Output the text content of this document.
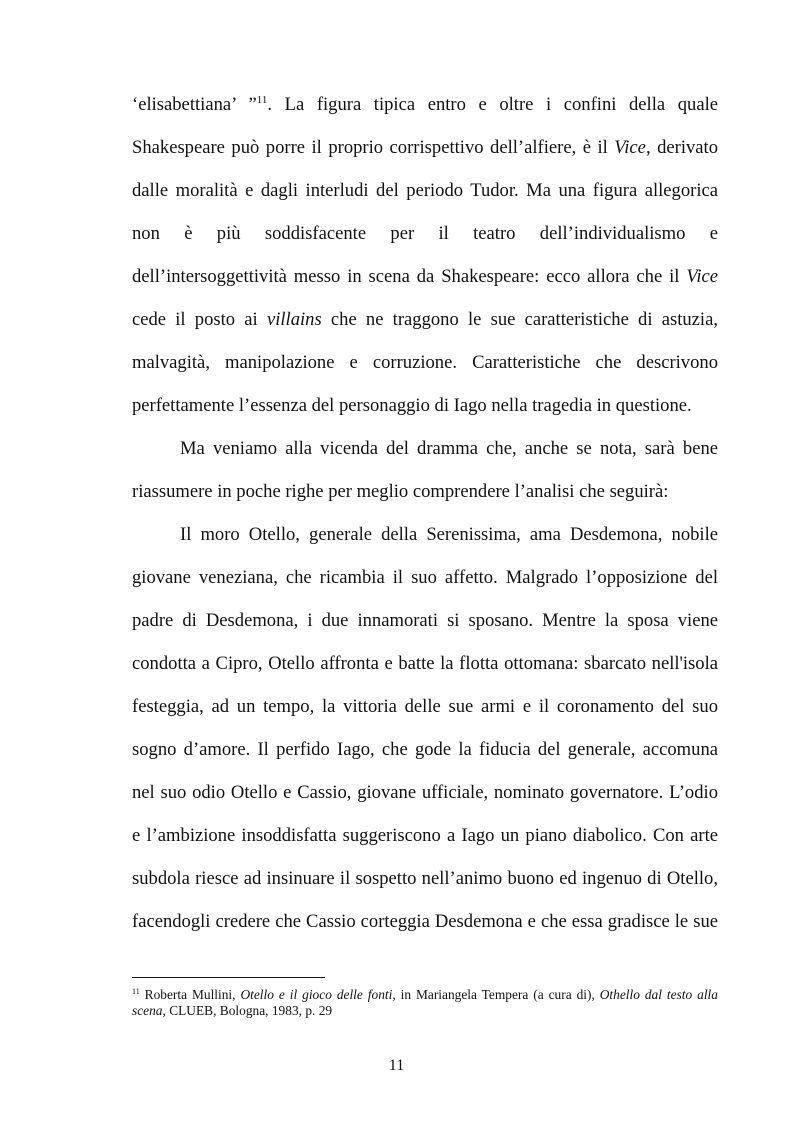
‘elisabettiana’ ”$^{11}$. La figura tipica entro e oltre i confini della quale
Shakespeare può porre il proprio corrispettivo dell’alfiere, è il Vice, derivato
dalle moralità e dagli interludi del periodo Tudor. Ma una figura allegorica
non è più soddisfacente per il teatro dell’individualismo e
dell’intersoggettività messo in scena da Shakespeare: ecco allora che il Vice
cede il posto ai villains che ne traggono le sue caratteristiche di astuzia,
malvagità, manipolazione e corruzione. Caratteristiche che descrivono
perfettamente l’essenza del personaggio di Iago nella tragedia in questione.
Ma veniamo alla vicenda del dramma che, anche se nota, sarà bene
riassumere in poche righe per meglio comprendere l’analisi che seguirà:
Il moro Otello, generale della Serenissima, ama Desdemona, nobile
giovane veneziana, che ricambia il suo affetto. Malgrado l’opposizione del
padre di Desdemona, i due innamorati si sposano. Mentre la sposa viene
condotta a Cipro, Otello affronta e batte la flotta ottomana: sbarcato nell'isola
festeggia, ad un tempo, la vittoria delle sue armi e il coronamento del suo
sogno d’amore. Il perfido Iago, che gode la fiducia del generale, accomuna
nel suo odio Otello e Cassio, giovane ufficiale, nominato governatore. L’odio
e l’ambizione insoddisfatta suggeriscono a Iago un piano diabolico. Con arte
subdola riesce ad insinuare il sospetto nell’animo buono ed ingenuo di Otello,
facendogli credere che Cassio corteggia Desdemona e che essa gradisce le sue
$^{11}$ Roberta Mullini, Otello e il gioco delle fonti, in Mariangela Tempera (a cura di), Othello dal testo alla
scena, CLUEB, Bologna, 1983, p. 29
11
